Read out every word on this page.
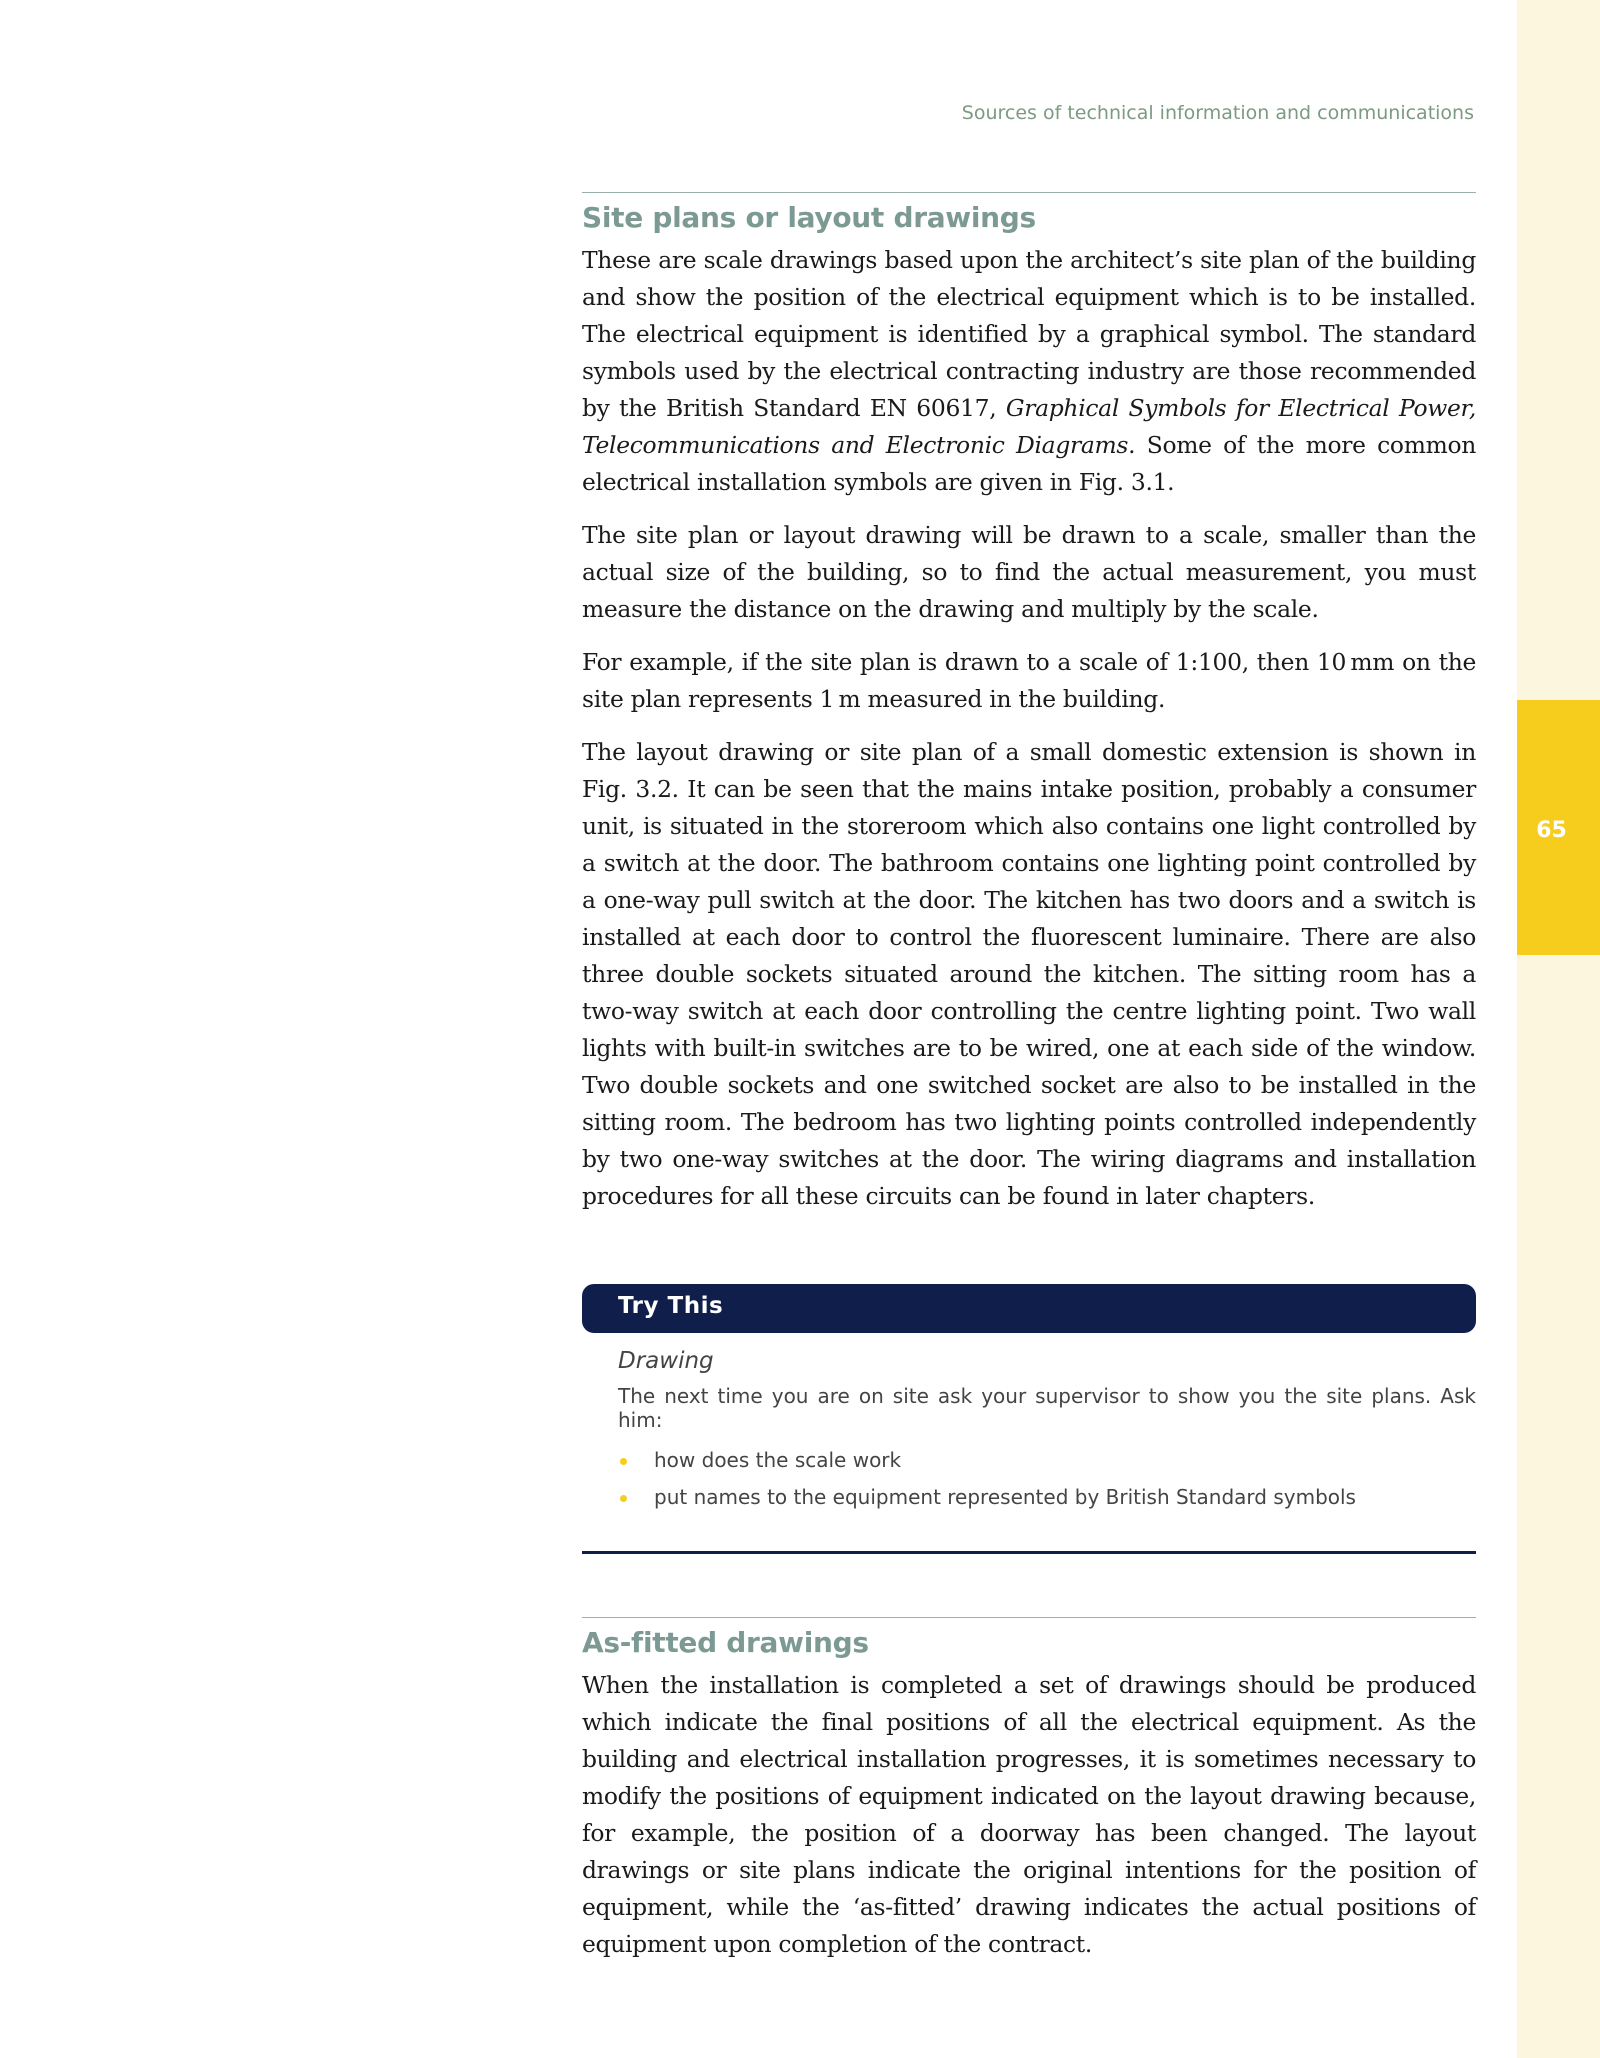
65
Sources of technical information and communications
Site plans or layout drawings

These are scale drawings based upon the architect’s site plan of the building and show the position of the electrical equipment which is to be installed. The electrical equipment is identified by a graphical symbol. The standard symbols used by the electrical contracting industry are those recommended by the British Standard EN 60617, Graphical Symbols for Electrical Power, Telecommunications and Electronic Diagrams. Some of the more common electrical installation symbols are given in Fig. 3.1.

The site plan or layout drawing will be drawn to a scale, smaller than the actual size of the building, so to find the actual measurement, you must measure the distance on the drawing and multiply by the scale.

For example, if the site plan is drawn to a scale of 1:100, then 10 mm on the site plan represents 1 m measured in the building.

The layout drawing or site plan of a small domestic extension is shown in Fig. 3.2. It can be seen that the mains intake position, probably a consumer unit, is situated in the storeroom which also contains one light controlled by a switch at the door. The bathroom contains one lighting point controlled by a one-way pull switch at the door. The kitchen has two doors and a switch is installed at each door to control the fluorescent luminaire. There are also three double sockets situated around the kitchen. The sitting room has a two-way switch at each door controlling the centre lighting point. Two wall lights with built-in switches are to be wired, one at each side of the window. Two double sockets and one switched socket are also to be installed in the sitting room. The bedroom has two lighting points controlled independently by two one-way switches at the door. The wiring diagrams and installation procedures for all these circuits can be found in later chapters.

Try This

Drawing

The next time you are on site ask your supervisor to show you the site plans. Ask him:

how does the scale work
put names to the equipment represented by British Standard symbols
As-fitted drawings

When the installation is completed a set of drawings should be produced which indicate the final positions of all the electrical equipment. As the building and electrical installation progresses, it is sometimes necessary to modify the positions of equipment indicated on the layout drawing because, for example, the position of a doorway has been changed. The layout drawings or site plans indicate the original intentions for the position of equipment, while the ‘as-fitted’ drawing indicates the actual positions of equipment upon completion of the contract.
